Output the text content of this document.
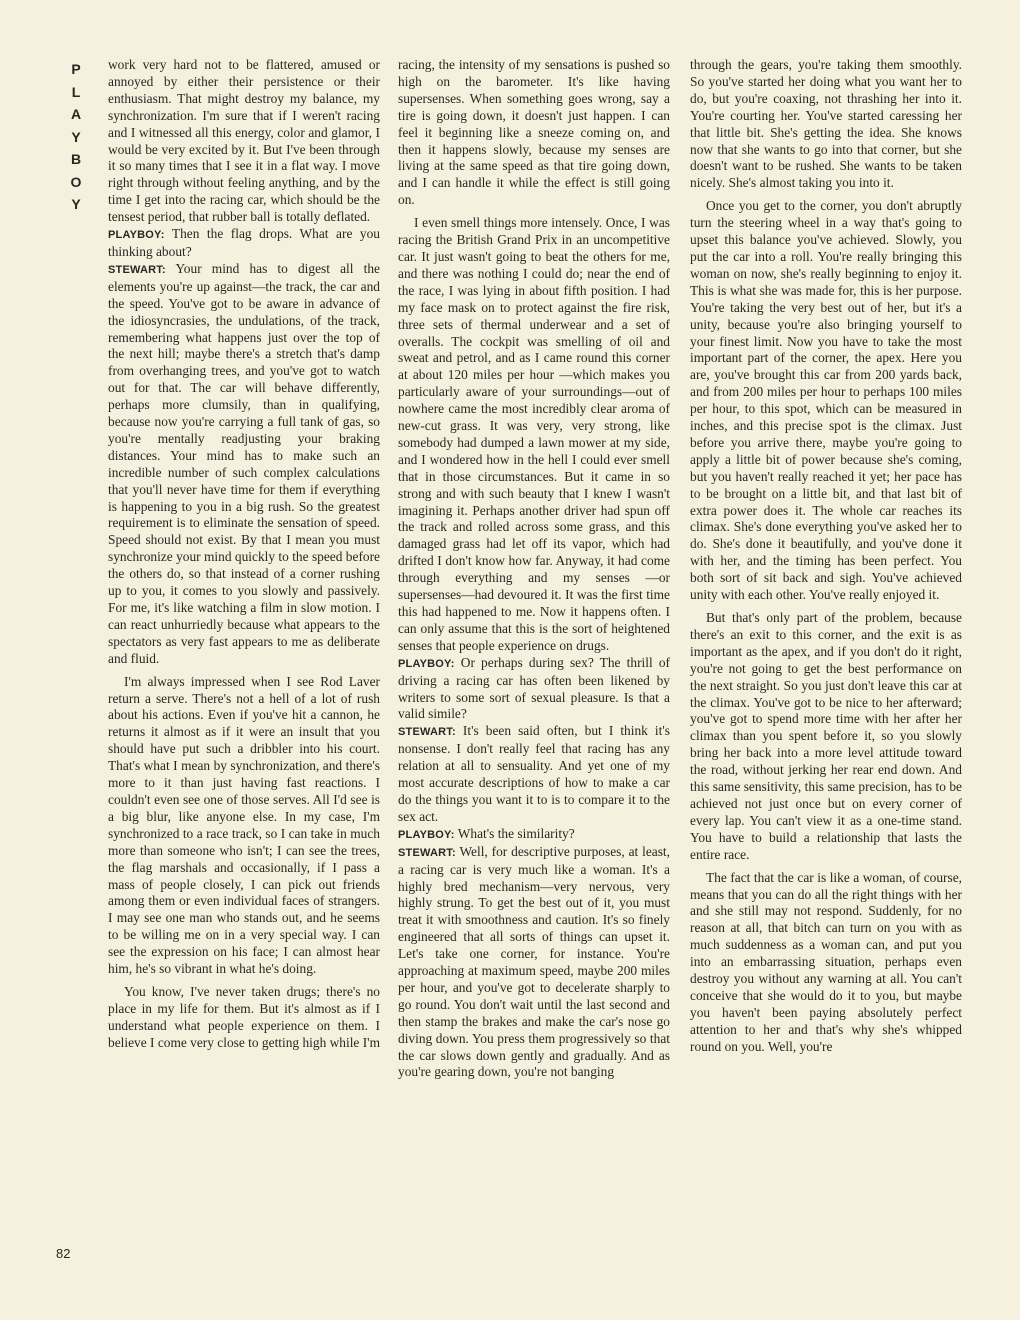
P
L
A
Y
B
O
Y

work very hard not to be flattered, amused or annoyed by either their persistence or their enthusiasm. That might destroy my balance, my synchronization. I'm sure that if I weren't racing and I witnessed all this energy, color and glamor, I would be very excited by it. But I've been through it so many times that I see it in a flat way. I move right through without feeling anything, and by the time I get into the racing car, which should be the tensest period, that rubber ball is totally deflated.

PLAYBOY: Then the flag drops. What are you thinking about?

STEWART: Your mind has to digest all the elements you're up against—the track, the car and the speed. You've got to be aware in advance of the idiosyncrasies, the undulations, of the track, remembering what happens just over the top of the next hill; maybe there's a stretch that's damp from overhanging trees, and you've got to watch out for that. The car will behave differently, perhaps more clumsily, than in qualifying, because now you're carrying a full tank of gas, so you're mentally readjusting your braking distances. Your mind has to make such an incredible number of such complex calculations that you'll never have time for them if everything is happening to you in a big rush. So the greatest requirement is to eliminate the sensation of speed. Speed should not exist. By that I mean you must synchronize your mind quickly to the speed before the others do, so that instead of a corner rushing up to you, it comes to you slowly and passively. For me, it's like watching a film in slow motion. I can react unhurriedly because what appears to the spectators as very fast appears to me as deliberate and fluid.

I'm always impressed when I see Rod Laver return a serve. There's not a hell of a lot of rush about his actions. Even if you've hit a cannon, he returns it almost as if it were an insult that you should have put such a dribbler into his court. That's what I mean by synchronization, and there's more to it than just having fast reactions. I couldn't even see one of those serves. All I'd see is a big blur, like anyone else. In my case, I'm synchronized to a race track, so I can take in much more than someone who isn't; I can see the trees, the flag marshals and occasionally, if I pass a mass of people closely, I can pick out friends among them or even individual faces of strangers. I may see one man who stands out, and he seems to be willing me on in a very special way. I can see the expression on his face; I can almost hear him, he's so vibrant in what he's doing.

You know, I've never taken drugs; there's no place in my life for them. But it's almost as if I understand what people experience on them. I believe I come very close to getting high while I'm

racing, the intensity of my sensations is pushed so high on the barometer. It's like having supersenses. When something goes wrong, say a tire is going down, it doesn't just happen. I can feel it beginning like a sneeze coming on, and then it happens slowly, because my senses are living at the same speed as that tire going down, and I can handle it while the effect is still going on.

I even smell things more intensely. Once, I was racing the British Grand Prix in an uncompetitive car. It just wasn't going to beat the others for me, and there was nothing I could do; near the end of the race, I was lying in about fifth position. I had my face mask on to protect against the fire risk, three sets of thermal underwear and a set of overalls. The cockpit was smelling of oil and sweat and petrol, and as I came round this corner at about 120 miles per hour —which makes you particularly aware of your surroundings—out of nowhere came the most incredibly clear aroma of new-cut grass. It was very, very strong, like somebody had dumped a lawn mower at my side, and I wondered how in the hell I could ever smell that in those circumstances. But it came in so strong and with such beauty that I knew I wasn't imagining it. Perhaps another driver had spun off the track and rolled across some grass, and this damaged grass had let off its vapor, which had drifted I don't know how far. Anyway, it had come through everything and my senses —or supersenses—had devoured it. It was the first time this had happened to me. Now it happens often. I can only assume that this is the sort of heightened senses that people experience on drugs.

PLAYBOY: Or perhaps during sex? The thrill of driving a racing car has often been likened by writers to some sort of sexual pleasure. Is that a valid simile?

STEWART: It's been said often, but I think it's nonsense. I don't really feel that racing has any relation at all to sensuality. And yet one of my most accurate descriptions of how to make a car do the things you want it to is to compare it to the sex act.

PLAYBOY: What's the similarity?

STEWART: Well, for descriptive purposes, at least, a racing car is very much like a woman. It's a highly bred mechanism—very nervous, very highly strung. To get the best out of it, you must treat it with smoothness and caution. It's so finely engineered that all sorts of things can upset it. Let's take one corner, for instance. You're approaching at maximum speed, maybe 200 miles per hour, and you've got to decelerate sharply to go round. You don't wait until the last second and then stamp the brakes and make the car's nose go diving down. You press them progressively so that the car slows down gently and gradually. And as you're gearing down, you're not banging

through the gears, you're taking them smoothly. So you've started her doing what you want her to do, but you're coaxing, not thrashing her into it. You're courting her. You've started caressing her that little bit. She's getting the idea. She knows now that she wants to go into that corner, but she doesn't want to be rushed. She wants to be taken nicely. She's almost taking you into it.

Once you get to the corner, you don't abruptly turn the steering wheel in a way that's going to upset this balance you've achieved. Slowly, you put the car into a roll. You're really bringing this woman on now, she's really beginning to enjoy it. This is what she was made for, this is her purpose. You're taking the very best out of her, but it's a unity, because you're also bringing yourself to your finest limit. Now you have to take the most important part of the corner, the apex. Here you are, you've brought this car from 200 yards back, and from 200 miles per hour to perhaps 100 miles per hour, to this spot, which can be measured in inches, and this precise spot is the climax. Just before you arrive there, maybe you're going to apply a little bit of power because she's coming, but you haven't really reached it yet; her pace has to be brought on a little bit, and that last bit of extra power does it. The whole car reaches its climax. She's done everything you've asked her to do. She's done it beautifully, and you've done it with her, and the timing has been perfect. You both sort of sit back and sigh. You've achieved unity with each other. You've really enjoyed it.

But that's only part of the problem, because there's an exit to this corner, and the exit is as important as the apex, and if you don't do it right, you're not going to get the best performance on the next straight. So you just don't leave this car at the climax. You've got to be nice to her afterward; you've got to spend more time with her after her climax than you spent before it, so you slowly bring her back into a more level attitude toward the road, without jerking her rear end down. And this same sensitivity, this same precision, has to be achieved not just once but on every corner of every lap. You can't view it as a one-time stand. You have to build a relationship that lasts the entire race.

The fact that the car is like a woman, of course, means that you can do all the right things with her and she still may not respond. Suddenly, for no reason at all, that bitch can turn on you with as much suddenness as a woman can, and put you into an embarrassing situation, perhaps even destroy you without any warning at all. You can't conceive that she would do it to you, but maybe you haven't been paying absolutely perfect attention to her and that's why she's whipped round on you. Well, you're

82
